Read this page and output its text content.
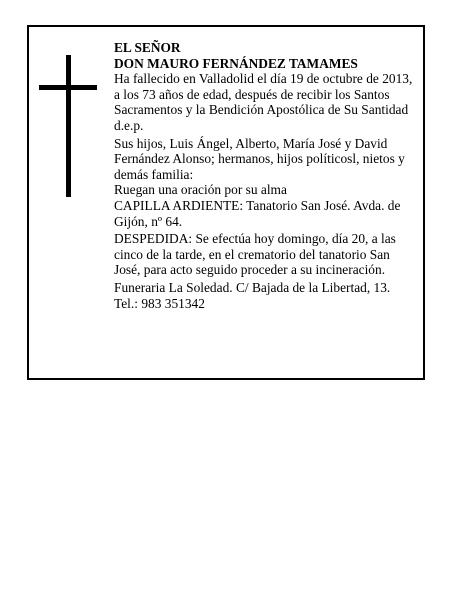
EL SEÑOR
DON MAURO FERNÁNDEZ TAMAMES
Ha fallecido en Valladolid el día 19 de octubre de 2013,
a los 73 años de edad, después de recibir los Santos
Sacramentos y la Bendición Apostólica de Su Santidad
d.e.p.
Sus hijos, Luis Ángel, Alberto, María José y David
Fernández Alonso; hermanos, hijos políticosl, nietos y
demás familia:
Ruegan una oración por su alma
CAPILLA ARDIENTE: Tanatorio San José. Avda. de
Gijón, nº 64.
DESPEDIDA: Se efectúa hoy domingo, día 20, a las
cinco de la tarde, en el crematorio del tanatorio San
José, para acto seguido proceder a su incineración.
Funeraria La Soledad. C/ Bajada de la Libertad, 13.
Tel.: 983 351342
